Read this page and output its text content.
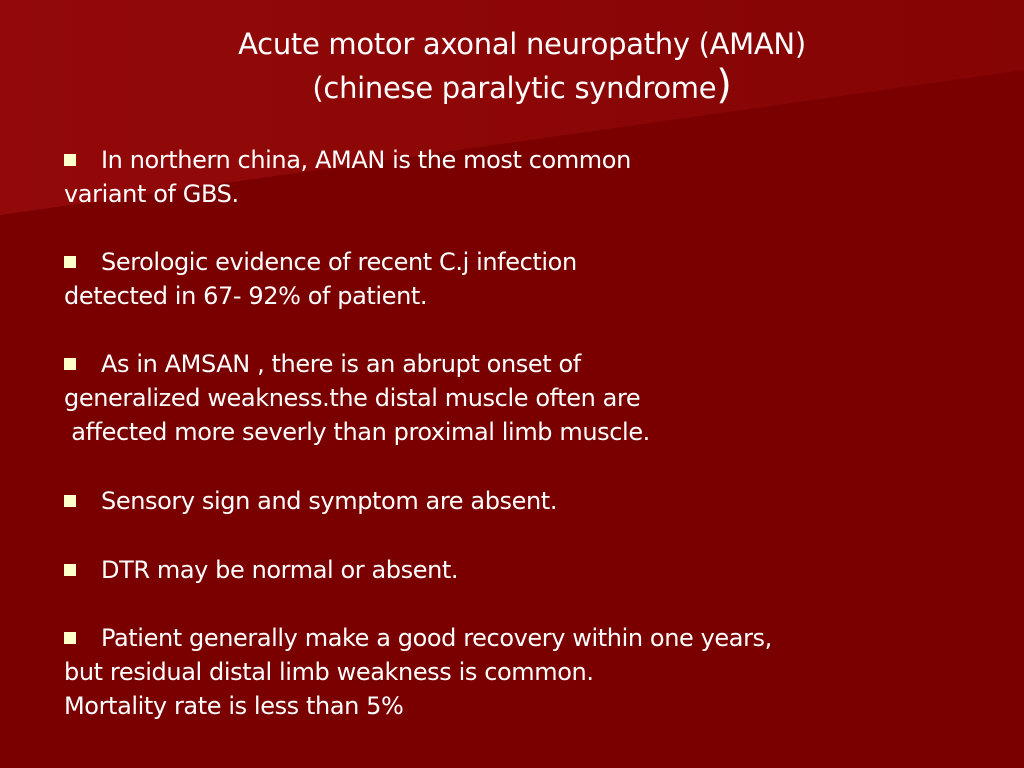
Acute motor axonal neuropathy (AMAN)
(chinese paralytic syndrome)
In northern china, AMAN is the most common
variant of GBS.
Serologic evidence of recent C.j infection
detected in 67- 92% of patient.
As in AMSAN , there is an abrupt onset of
generalized weakness.the distal muscle often are
affected more severly than proximal limb muscle.
Sensory sign and symptom are absent.
DTR may be normal or absent.
Patient generally make a good recovery within one years,
but residual distal limb weakness is common.
Mortality rate is less than 5%
